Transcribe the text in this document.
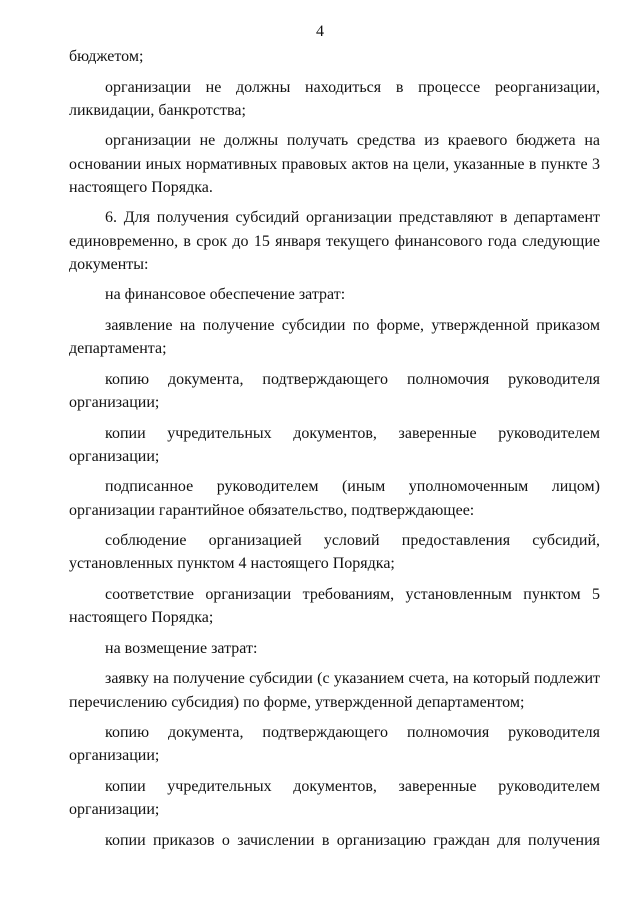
4

бюджетом;

организации не должны находиться в процессе реорганизации, ликвидации, банкротства;

организации не должны получать средства из краевого бюджета на основании иных нормативных правовых актов на цели, указанные в пункте 3 настоящего Порядка.

6. Для получения субсидий организации представляют в департамент единовременно, в срок до 15 января текущего финансового года следующие документы:

на финансовое обеспечение затрат:

заявление на получение субсидии по форме, утвержденной приказом департамента;

копию документа, подтверждающего полномочия руководителя организации;

копии учредительных документов, заверенные руководителем организации;

подписанное руководителем (иным уполномоченным лицом) организации гарантийное обязательство, подтверждающее:

соблюдение организацией условий предоставления субсидий, установленных пунктом 4 настоящего Порядка;

соответствие организации требованиям, установленным пунктом 5 настоящего Порядка;

на возмещение затрат:

заявку на получение субсидии (с указанием счета, на который подлежит перечислению субсидия) по форме, утвержденной департаментом;

копию документа, подтверждающего полномочия руководителя организации;

копии учредительных документов, заверенные руководителем организации;

копии приказов о зачислении в организацию граждан для получения
